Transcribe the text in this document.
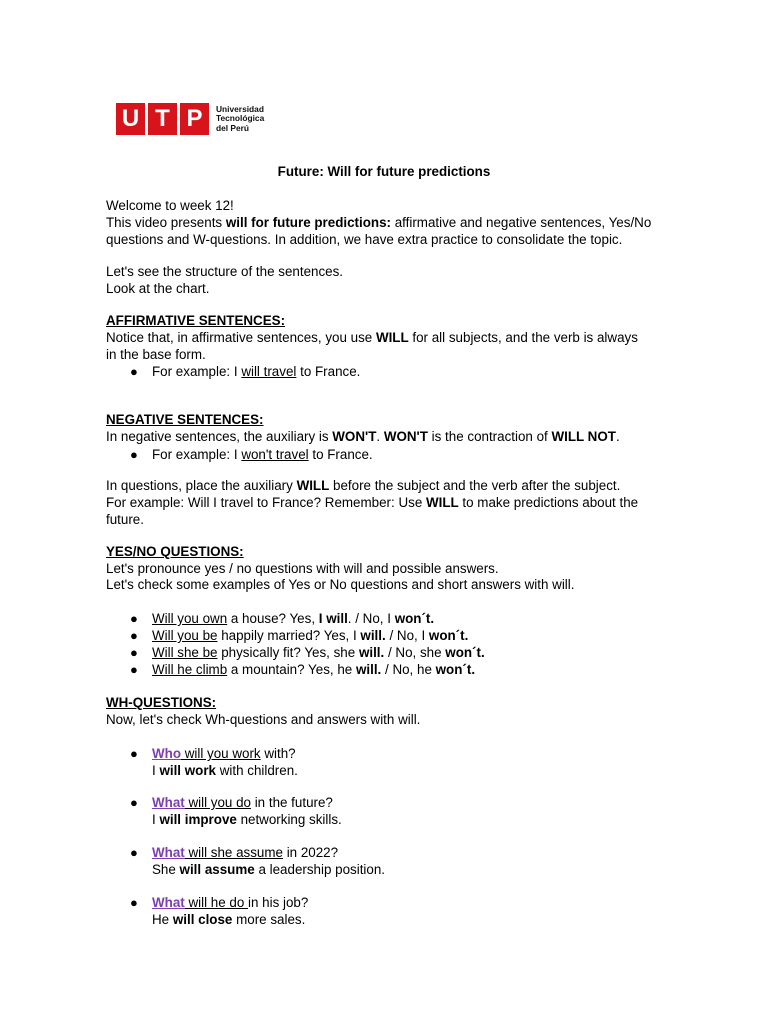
U T P	Universidad
Tecnológica
del Perú
Future: Will for future predictions
Welcome to week 12!
This video presents will for future predictions: affirmative and negative sentences, Yes/No
questions and W-questions. In addition, we have extra practice to consolidate the topic.
Let's see the structure of the sentences.
Look at the chart.
AFFIRMATIVE SENTENCES:
Notice that, in affirmative sentences, you use WILL for all subjects, and the verb is always
in the base form.
● For example: I will travel to France.
NEGATIVE SENTENCES:
In negative sentences, the auxiliary is WON'T. WON'T is the contraction of WILL NOT.
● For example: I won't travel to France.
In questions, place the auxiliary WILL before the subject and the verb after the subject.
For example: Will I travel to France? Remember: Use WILL to make predictions about the
future.
YES/NO QUESTIONS:
Let's pronounce yes / no questions with will and possible answers.
Let's check some examples of Yes or No questions and short answers with will.
● Will you own a house? Yes, I will. / No, I won´t.
● Will you be happily married? Yes, I will. / No, I won´t.
● Will she be physically fit? Yes, she will. / No, she won´t.
● Will he climb a mountain? Yes, he will. / No, he won´t.
WH-QUESTIONS:
Now, let's check Wh-questions and answers with will.
● Who will you work with?
I will work with children.
● What will you do in the future?
I will improve networking skills.
● What will she assume in 2022?
She will assume a leadership position.
● What will he do in his job?
He will close more sales.
